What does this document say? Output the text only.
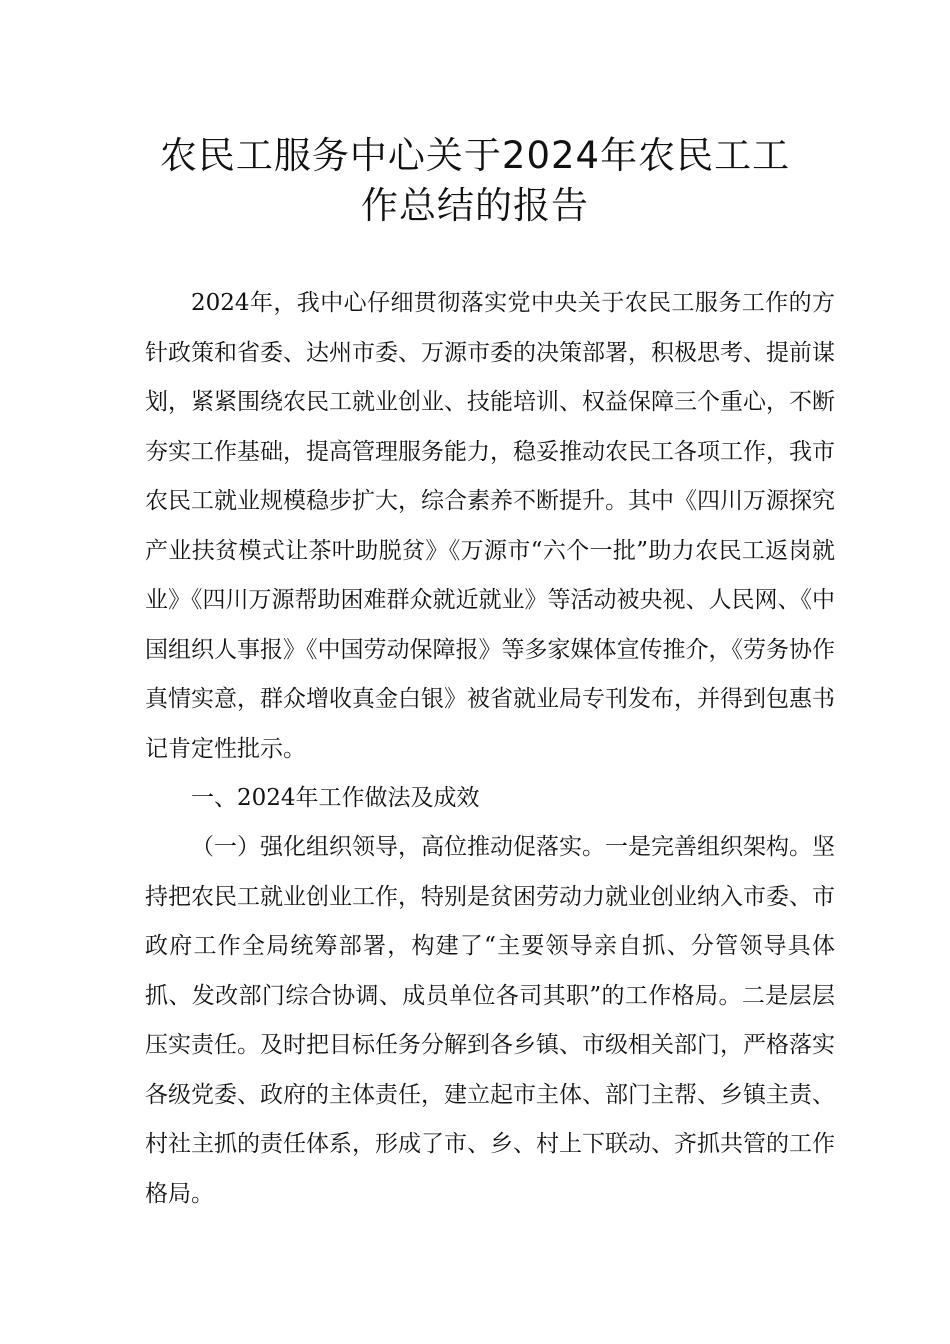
农民工服务中心关于2024年农民工工
作总结的报告

2024年，我中心仔细贯彻落实党中央关于农民工服务工作的方针政策和省委、达州市委、万源市委的决策部署，积极思考、提前谋划，紧紧围绕农民工就业创业、技能培训、权益保障三个重心，不断夯实工作基础，提高管理服务能力，稳妥推动农民工各项工作，我市农民工就业规模稳步扩大，综合素养不断提升。其中《四川万源探究产业扶贫模式让茶叶助脱贫》《万源市“六个一批”助力农民工返岗就业》《四川万源帮助困难群众就近就业》等活动被央视、人民网、《中国组织人事报》《中国劳动保障报》等多家媒体宣传推介，《劳务协作真情实意，群众增收真金白银》被省就业局专刊发布，并得到包惠书记肯定性批示。

一、2024年工作做法及成效

（一）强化组织领导，高位推动促落实。一是完善组织架构。坚持把农民工就业创业工作，特别是贫困劳动力就业创业纳入市委、市政府工作全局统筹部署，构建了“主要领导亲自抓、分管领导具体抓、发改部门综合协调、成员单位各司其职”的工作格局。二是层层压实责任。及时把目标任务分解到各乡镇、市级相关部门，严格落实各级党委、政府的主体责任，建立起市主体、部门主帮、乡镇主责、村社主抓的责任体系，形成了市、乡、村上下联动、齐抓共管的工作格局。
